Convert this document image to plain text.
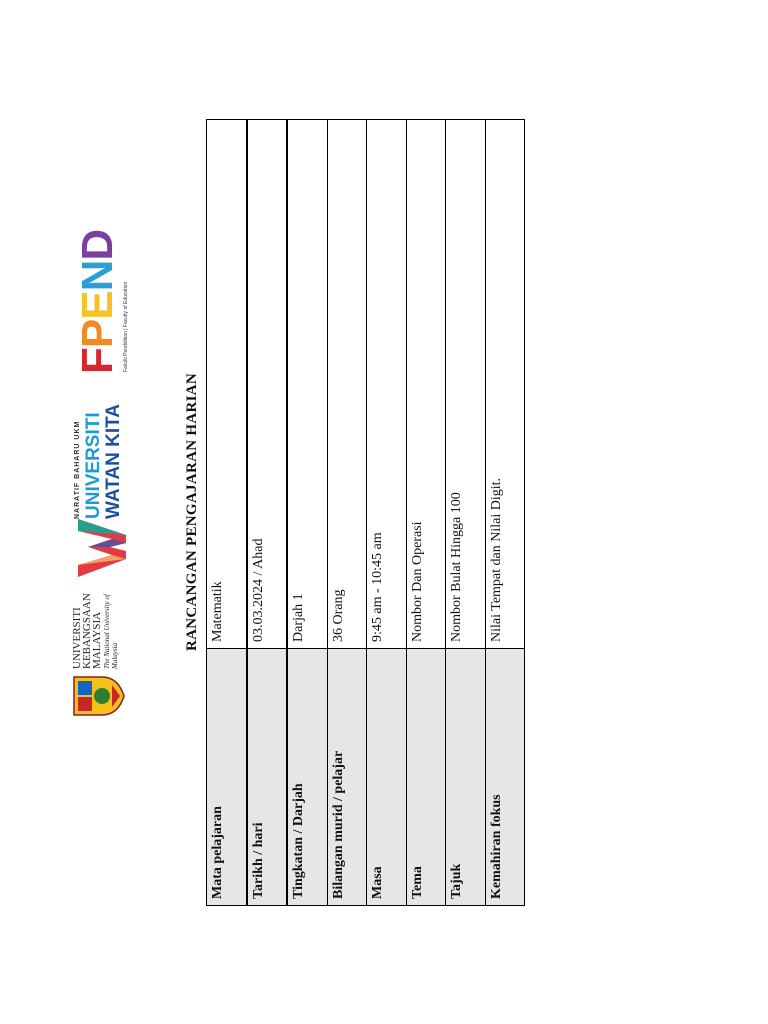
UNIVERSITI
KEBANGSAAN
MALAYSIA The National University of Malaysia
NARATIF BAHARU UKM UNIVERSITI WATAN KITA
FPEND
Fakulti Pendidikan | Faculty of Education
RANCANGAN PENGAJARAN HARIAN
Mata pelajaran	Matematik
Tarikh / hari	03.03.2024 / Ahad
Tingkatan / Darjah	Darjah 1
Bilangan murid / pelajar	36 Orang
Masa	9:45 am - 10:45 am
Tema	Nombor Dan Operasi
Tajuk	Nombor Bulat Hingga 100
Kemahiran fokus	Nilai Tempat dan Nilai Digit.
